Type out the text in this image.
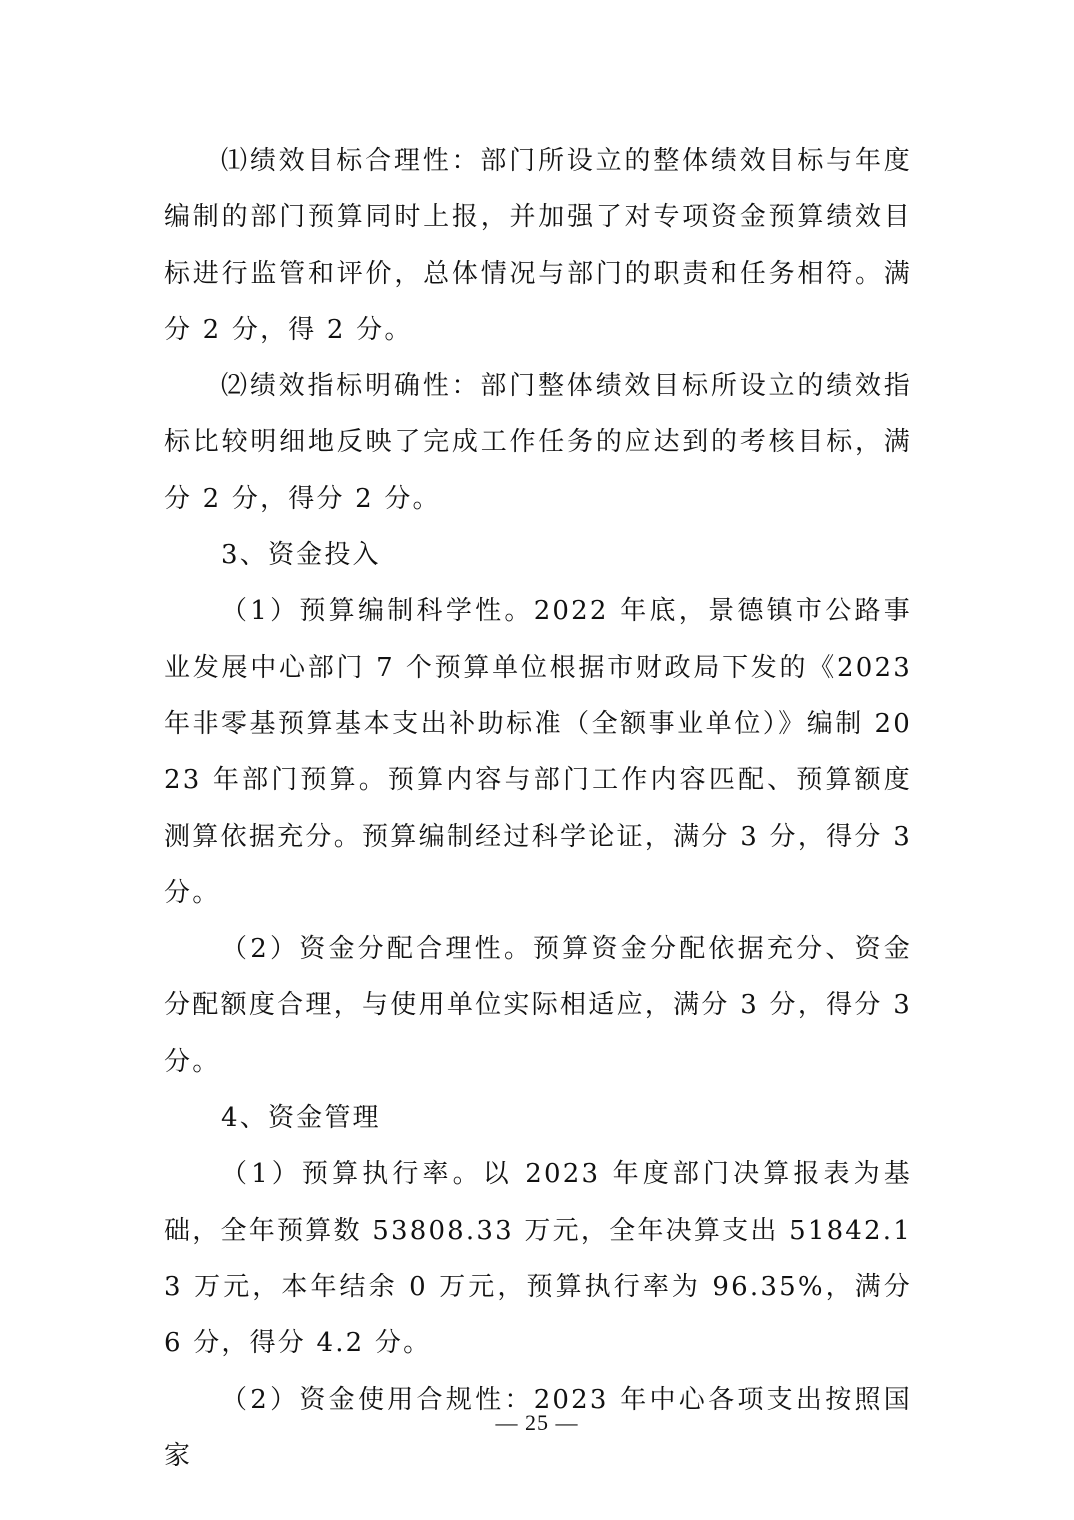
⑴绩效目标合理性：部门所设立的整体绩效目标与年度编制的部门预算同时上报，并加强了对专项资金预算绩效目标进行监管和评价，总体情况与部门的职责和任务相符。满分 2 分，得 2 分。

⑵绩效指标明确性：部门整体绩效目标所设立的绩效指标比较明细地反映了完成工作任务的应达到的考核目标，满分 2 分，得分 2 分。

3、资金投入

（1）预算编制科学性。2022 年底，景德镇市公路事业发展中心部门 7 个预算单位根据市财政局下发的《2023 年非零基预算基本支出补助标准（全额事业单位）》编制 2023 年部门预算。预算内容与部门工作内容匹配、预算额度测算依据充分。预算编制经过科学论证，满分 3 分，得分 3 分。

（2）资金分配合理性。预算资金分配依据充分、资金分配额度合理，与使用单位实际相适应，满分 3 分，得分 3 分。

4、资金管理

（1）预算执行率。以 2023 年度部门决算报表为基础，全年预算数 53808.33 万元，全年决算支出 51842.13 万元，本年结余 0 万元，预算执行率为 96.35%，满分 6 分，得分 4.2 分。

（2）资金使用合规性：2023 年中心各项支出按照国家

— 25 —
